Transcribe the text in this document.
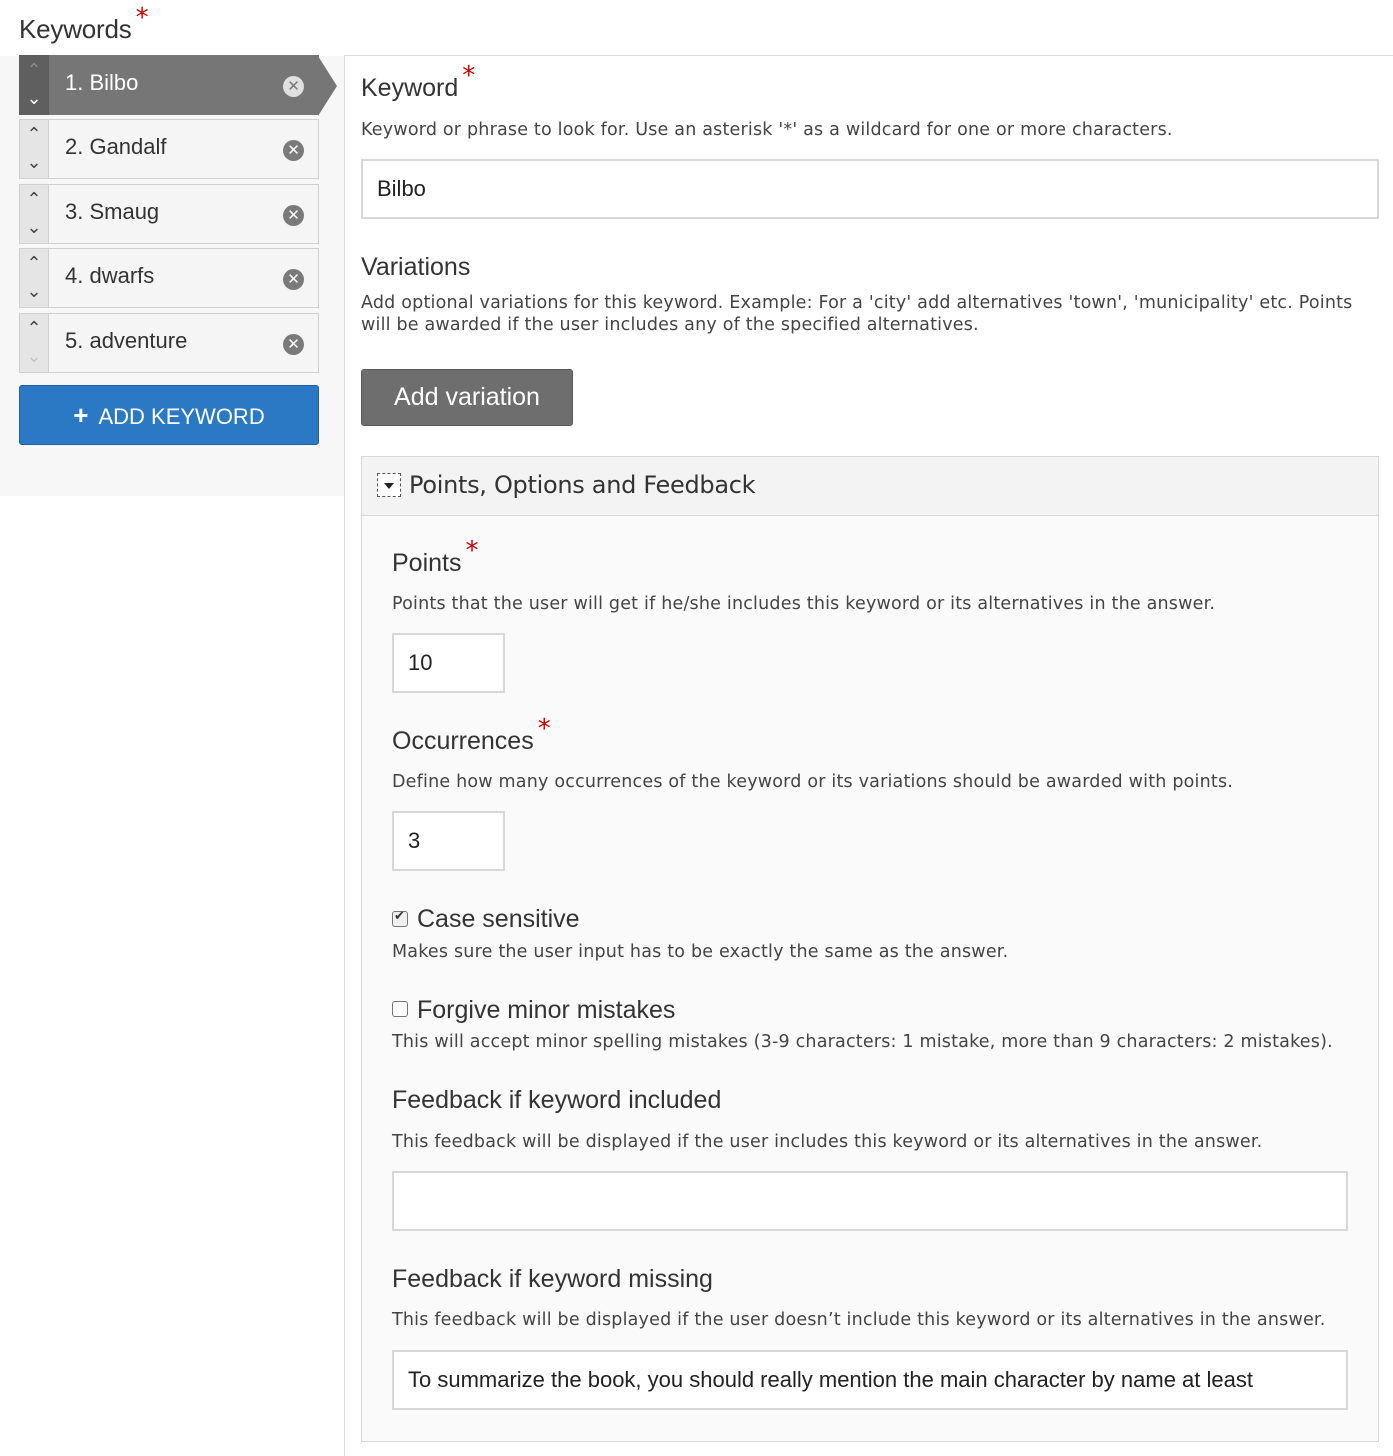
Keywords *
⌃
⌄
1. Bilbo	✕
⌃
⌄
2. Gandalf	✕
⌃
⌄
3. Smaug	✕
⌃
⌄
4. dwarfs	✕
⌃
⌄
5. adventure	✕
+ ADD KEYWORD
Keyword *
Keyword or phrase to look for. Use an asterisk '*' as a wildcard for one or more characters.
Bilbo
Variations
Add optional variations for this keyword. Example: For a 'city' add alternatives 'town', 'municipality' etc. Points
will be awarded if the user includes any of the specified alternatives.
Add variation
Points, Options and Feedback
Points *
Points that the user will get if he/she includes this keyword or its alternatives in the answer.
10
Occurrences *
Define how many occurrences of the keyword or its variations should be awarded with points.
3
✔
Case sensitive
Makes sure the user input has to be exactly the same as the answer.
Forgive minor mistakes
This will accept minor spelling mistakes (3-9 characters: 1 mistake, more than 9 characters: 2 mistakes).
Feedback if keyword included
This feedback will be displayed if the user includes this keyword or its alternatives in the answer.
Feedback if keyword missing
This feedback will be displayed if the user doesn’t include this keyword or its alternatives in the answer.
To summarize the book, you should really mention the main character by name at least
